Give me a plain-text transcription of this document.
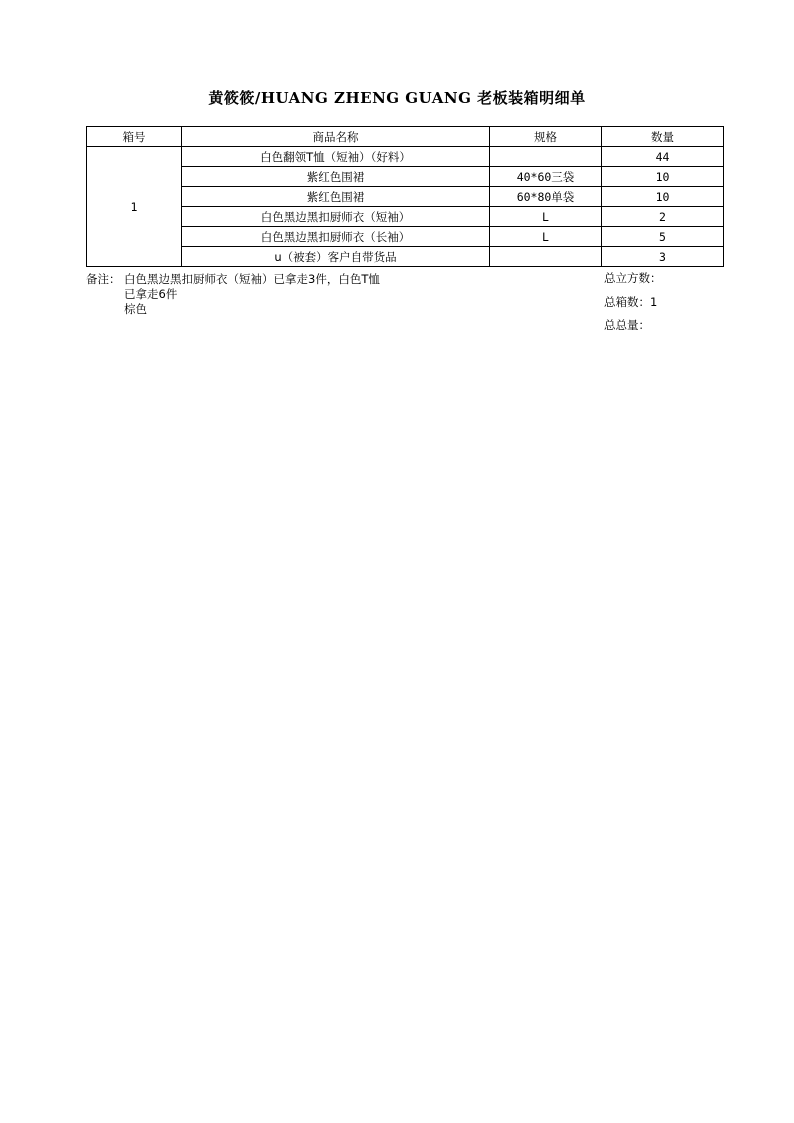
黄筱筱/HUANG ZHENG GUANG 老板装箱明细单
箱号	商品名称	规格	数量
1	白色翻领T恤（短袖）（好料）		44
	紫红色围裙	40*60三袋	10
	紫红色围裙	60*80单袋	10
	白色黑边黑扣厨师衣（短袖）	L	2
	白色黑边黑扣厨师衣（长袖）	L	5
	u（被套）客户自带货品		3
备注： 白色黑边黑扣厨师衣（短袖）已拿走3件，白色T恤
已拿走6件
棕色
总立方数：
总箱数：1
总总量：
